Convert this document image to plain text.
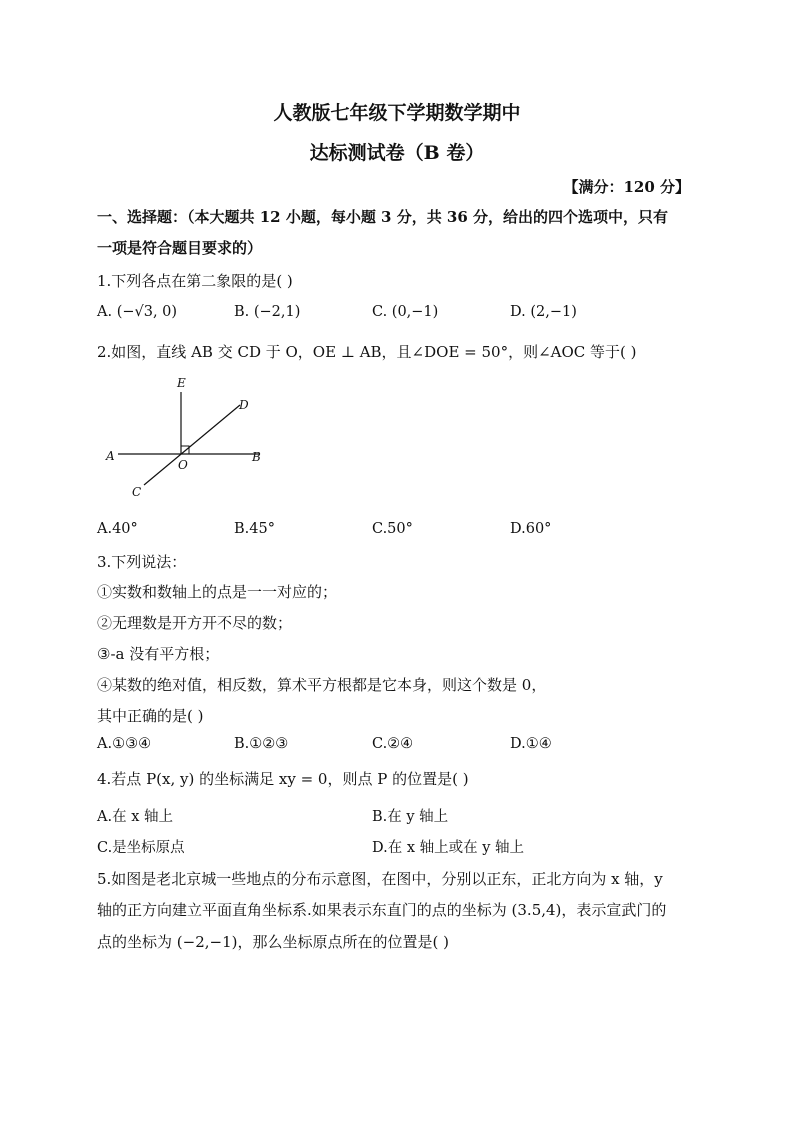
人教版七年级下学期数学期中
达标测试卷（B 卷）
【满分：120 分】
一、选择题：（本大题共 12 小题，每小题 3 分，共 36 分，给出的四个选项中，只有
一项是符合题目要求的）
1.下列各点在第二象限的是( )
A. (−√3, 0)	B. (−2,1)	C. (0,−1)	D. (2,−1)
2.如图，直线 AB 交 CD 于 O，OE ⊥ AB，且∠DOE = 50°，则∠AOC 等于( )
E
D
A
O
B
C
A.40°	B.45°	C.50°	D.60°
3.下列说法：
①实数和数轴上的点是一一对应的；
②无理数是开方开不尽的数；
③-a 没有平方根；
④某数的绝对值，相反数，算术平方根都是它本身，则这个数是 0，
其中正确的是( )
A.①③④	B.①②③	C.②④	D.①④
4.若点 P(x, y) 的坐标满足 xy = 0，则点 P 的位置是( )
A.在 x 轴上	B.在 y 轴上
C.是坐标原点	D.在 x 轴上或在 y 轴上
5.如图是老北京城一些地点的分布示意图，在图中，分别以正东，正北方向为 x 轴，y
轴的正方向建立平面直角坐标系.如果表示东直门的点的坐标为 (3.5,4)，表示宣武门的
点的坐标为 (−2,−1)，那么坐标原点所在的位置是( )
